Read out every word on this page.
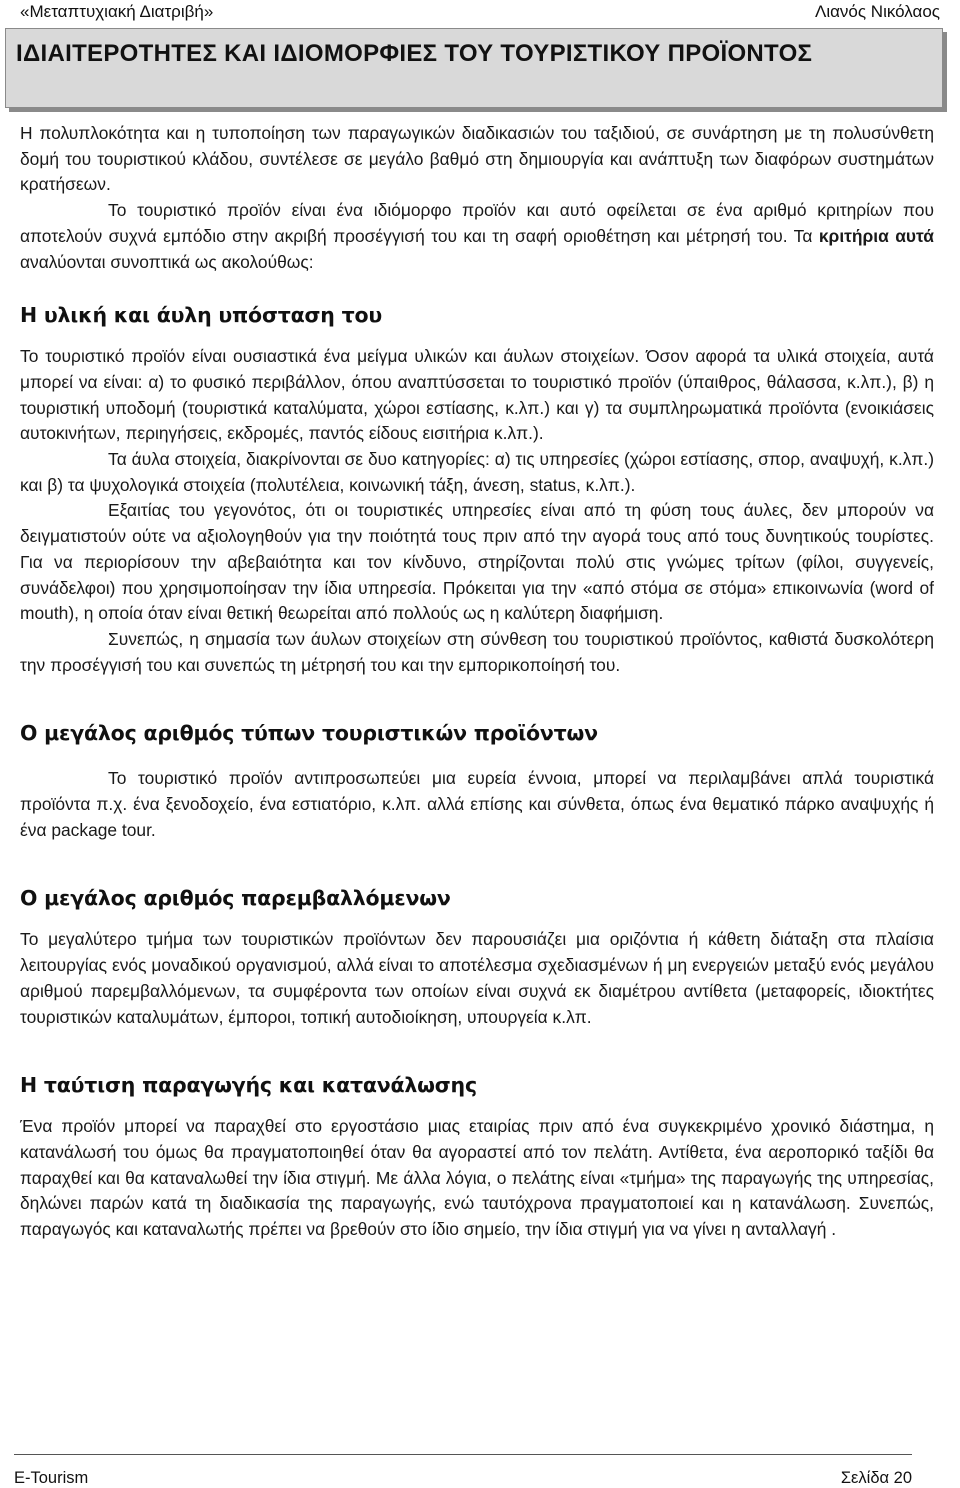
«Μεταπτυχιακή Διατριβή»	Λιανός Νικόλαος
ΙΔΙΑΙΤΕΡΟΤΗΤΕΣ ΚΑΙ ΙΔΙΟΜΟΡΦΙΕΣ ΤΟΥ ΤΟΥΡΙΣΤΙΚΟΥ ΠΡΟΪΟΝΤΟΣ

Η πολυπλοκότητα και η τυποποίηση των παραγωγικών διαδικασιών του ταξιδιού, σε συνάρτηση με τη πολυσύνθετη δομή του τουριστικού κλάδου, συντέλεσε σε μεγάλο βαθμό στη δημιουργία και ανάπτυξη των διαφόρων συστημάτων κρατήσεων.

Το τουριστικό προϊόν είναι ένα ιδιόμορφο προϊόν και αυτό οφείλεται σε ένα αριθμό κριτηρίων που αποτελούν συχνά εμπόδιο στην ακριβή προσέγγισή του και τη σαφή οριοθέτηση και μέτρησή του. Τα κριτήρια αυτά αναλύονται συνοπτικά ως ακολούθως:

Η υλική και άυλη υπόσταση του

Το τουριστικό προϊόν είναι ουσιαστικά ένα μείγμα υλικών και άυλων στοιχείων. Όσον αφορά τα υλικά στοιχεία, αυτά μπορεί να είναι: α) το φυσικό περιβάλλον, όπου αναπτύσσεται το τουριστικό προϊόν (ύπαιθρος, θάλασσα, κ.λπ.), β) η τουριστική υποδομή (τουριστικά καταλύματα, χώροι εστίασης, κ.λπ.) και γ) τα συμπληρωματικά προϊόντα (ενοικιάσεις αυτοκινήτων, περιηγήσεις, εκδρομές, παντός είδους εισιτήρια κ.λπ.).

Τα άυλα στοιχεία, διακρίνονται σε δυο κατηγορίες: α) τις υπηρεσίες (χώροι εστίασης, σπορ, αναψυχή, κ.λπ.) και β) τα ψυχολογικά στοιχεία (πολυτέλεια, κοινωνική τάξη, άνεση, status, κ.λπ.).

Εξαιτίας του γεγονότος, ότι οι τουριστικές υπηρεσίες είναι από τη φύση τους άυλες, δεν μπορούν να δειγματιστούν ούτε να αξιολογηθούν για την ποιότητά τους πριν από την αγορά τους από τους δυνητικούς τουρίστες. Για να περιορίσουν την αβεβαιότητα και τον κίνδυνο, στηρίζονται πολύ στις γνώμες τρίτων (φίλοι, συγγενείς, συνάδελφοι) που χρησιμοποίησαν την ίδια υπηρεσία. Πρόκειται για την «από στόμα σε στόμα» επικοινωνία (word of mouth), η οποία όταν είναι θετική θεωρείται από πολλούς ως η καλύτερη διαφήμιση.

Συνεπώς, η σημασία των άυλων στοιχείων στη σύνθεση του τουριστικού προϊόντος, καθιστά δυσκολότερη την προσέγγισή του και συνεπώς τη μέτρησή του και την εμπορικοποίησή του.

Ο μεγάλος αριθμός τύπων τουριστικών προϊόντων

Το τουριστικό προϊόν αντιπροσωπεύει μια ευρεία έννοια, μπορεί να περιλαμβάνει απλά τουριστικά προϊόντα π.χ. ένα ξενοδοχείο, ένα εστιατόριο, κ.λπ. αλλά επίσης και σύνθετα, όπως ένα θεματικό πάρκο αναψυχής ή ένα package tour.

Ο μεγάλος αριθμός παρεμβαλλόμενων

Το μεγαλύτερο τμήμα των τουριστικών προϊόντων δεν παρουσιάζει μια οριζόντια ή κάθετη διάταξη στα πλαίσια λειτουργίας ενός μοναδικού οργανισμού, αλλά είναι το αποτέλεσμα σχεδιασμένων ή μη ενεργειών μεταξύ ενός μεγάλου αριθμού παρεμβαλλόμενων, τα συμφέροντα των οποίων είναι συχνά εκ διαμέτρου αντίθετα (μεταφορείς, ιδιοκτήτες τουριστικών καταλυμάτων, έμποροι, τοπική αυτοδιοίκηση, υπουργεία κ.λπ.

Η ταύτιση παραγωγής και κατανάλωσης

Ένα προϊόν μπορεί να παραχθεί στο εργοστάσιο μιας εταιρίας πριν από ένα συγκεκριμένο χρονικό διάστημα, η κατανάλωσή του όμως θα πραγματοποιηθεί όταν θα αγοραστεί από τον πελάτη. Αντίθετα, ένα αεροπορικό ταξίδι θα παραχθεί και θα καταναλωθεί την ίδια στιγμή. Με άλλα λόγια, ο πελάτης είναι «τμήμα» της παραγωγής της υπηρεσίας, δηλώνει παρών κατά τη διαδικασία της παραγωγής, ενώ ταυτόχρονα πραγματοποιεί και η κατανάλωση. Συνεπώς, παραγωγός και καταναλωτής πρέπει να βρεθούν στο ίδιο σημείο, την ίδια στιγμή για να γίνει η ανταλλαγή .

E-Tourism	Σελίδα 20
